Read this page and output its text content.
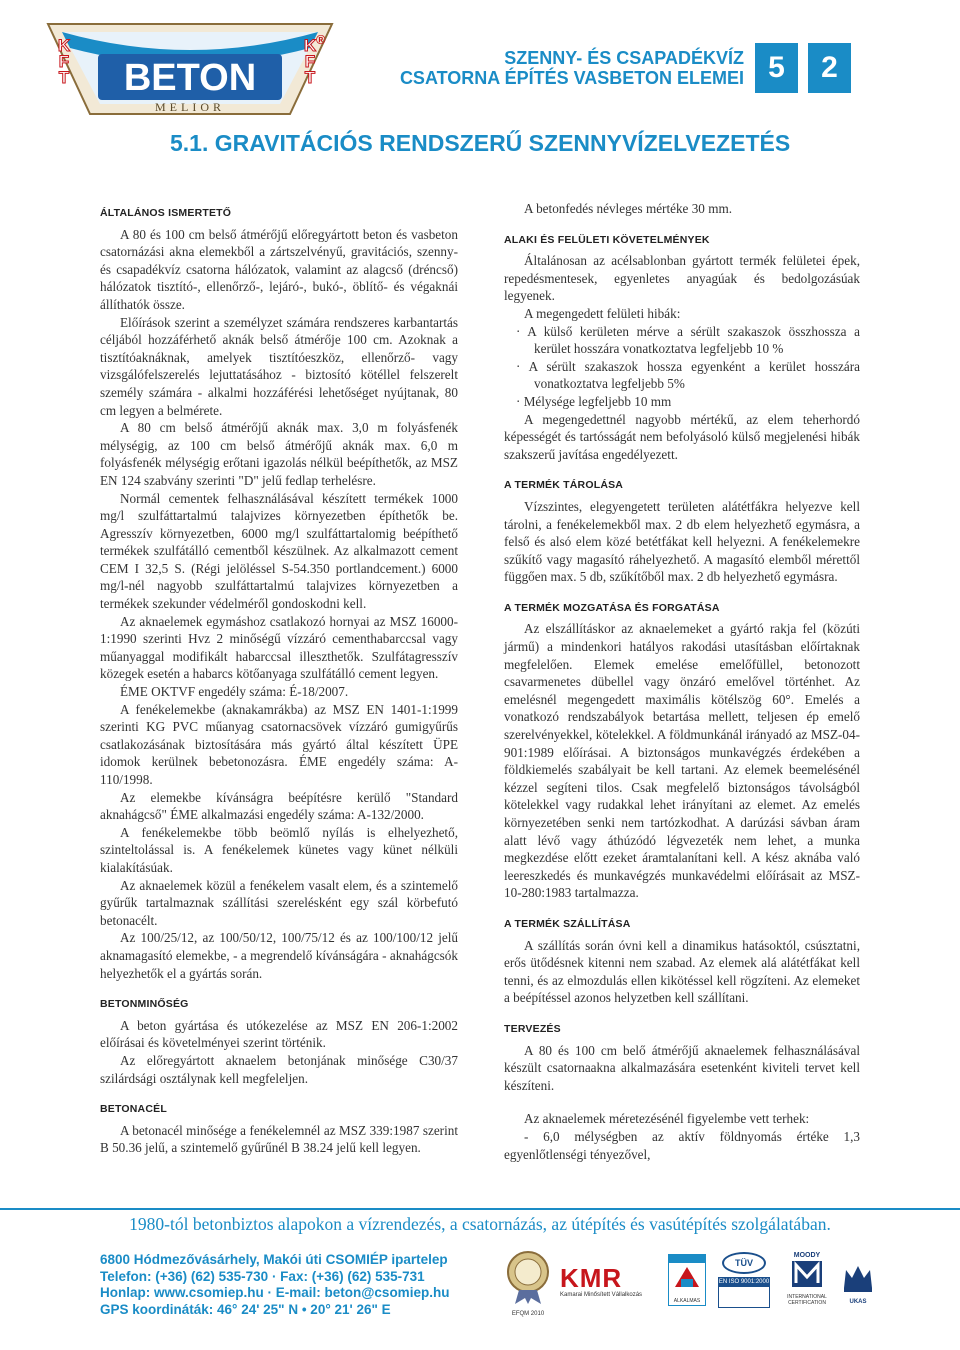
BETON
MELIOR
K
F
T
K
F
T
®
SZENNY- ÉS CSAPADÉKVÍZ
CSATORNA ÉPÍTÉS VASBETON ELEMEI 5	2
5.1. GRAVITÁCIÓS RENDSZERŰ SZENNYVÍZELVEZETÉS
ÁLTALÁNOS ISMERTETŐ

A 80 és 100 cm belső átmérőjű előregyártott beton és vasbeton csatornázási akna elemekből a zártszelvényű, gravitációs, szenny- és csapadékvíz csatorna hálózatok, valamint az alagcső (dréncső) hálózatok tisztító-, ellenőrző-, lejáró-, bukó-, öblítő- és végaknái állíthatók össze.

Előírások szerint a személyzet számára rendszeres karbantartás céljából hozzáférhető aknák belső átmérője 100 cm. Azoknak a tisztítóaknáknak, amelyek tisztítóeszköz, ellenőrző- vagy vizsgálófelszerelés lejuttatásához - biztosító kötéllel felszerelt személy számára - alkalmi hozzáférési lehetőséget nyújtanak, 80 cm legyen a belmérete.

A 80 cm belső átmérőjű aknák max. 3,0 m folyásfenék mélységig, az 100 cm belső átmérőjű aknák max. 6,0 m folyásfenék mélységig erőtani igazolás nélkül beépíthetők, az MSZ EN 124 szabvány szerinti "D" jelű fedlap terhelésre.

Normál cementek felhasználásával készített termékek 1000 mg/l szulfáttartalmú talajvizes környezetben építhetők be. Agresszív környezetben, 6000 mg/l szulfáttartalomig beépíthető termékek szulfátálló cementből készülnek. Az alkalmazott cement CEM I 32,5 S. (Régi jelöléssel S-54.350 portlandcement.) 6000 mg/l-nél nagyobb szulfáttartalmú talajvizes környezetben a termékek szekunder védelméről gondoskodni kell.

Az aknaelemek egymáshoz csatlakozó hornyai az MSZ 16000-1:1990 szerinti Hvz 2 minőségű vízzáró cementhabarccsal vagy műanyaggal modifikált habarccsal illeszthetők. Szulfátagresszív közegek esetén a habarcs kötőanyaga szulfátálló cement legyen.

ÉME OKTVF engedély száma: É-18/2007.

A fenékelemekbe (aknakamrákba) az MSZ EN 1401-1:1999 szerinti KG PVC műanyag csatornacsövek vízzáró gumigyűrűs csatlakozásának biztosítására más gyártó által készített ÜPE idomok kerülnek bebetonozásra. ÉME engedély száma: A-110/1998.

Az elemekbe kívánságra beépítésre kerülő "Standard aknahágcső" ÉME alkalmazási engedély száma: A-132/2000.

A fenékelemekbe több beömlő nyílás is elhelyezhető, szinteltolással is. A fenékelemek künetes vagy künet nélküli kialakításúak.

Az aknaelemek közül a fenékelem vasalt elem, és a szintemelő gyűrűk tartalmaznak szállítási szerelésként egy szál körbefutó betonacélt.

Az 100/25/12, az 100/50/12, 100/75/12 és az 100/100/12 jelű aknamagasító elemekbe, - a megrendelő kívánságára - aknahágcsók helyezhetők el a gyártás során.

BETONMINŐSÉG

A beton gyártása és utókezelése az MSZ EN 206-1:2002 előírásai és követelményei szerint történik.

Az előregyártott aknaelem betonjának minősége C30/37 szilárdsági osztálynak kell megfeleljen.

BETONACÉL

A betonacél minősége a fenékelemnél az MSZ 339:1987 szerint B 50.36 jelű, a szintemelő gyűrűnél B 38.24 jelű kell legyen.

A betonfedés névleges mértéke 30 mm.

ALAKI ÉS FELÜLETI KÖVETELMÉNYEK

Általánosan az acélsablonban gyártott termék felületei épek, repedésmentesek, egyenletes anyagúak és bedolgozásúak legyenek.

A megengedett felületi hibák:

· A külső kerületen mérve a sérült szakaszok összhossza a kerület hosszára vonatkoztatva legfeljebb 10 %
· A sérült szakaszok hossza egyenként a kerület hosszára vonatkoztatva legfeljebb 5%
· Mélysége legfeljebb 10 mm

A megengedettnél nagyobb mértékű, az elem teherhordó képességét és tartósságát nem befolyásoló külső megjelenési hibák szakszerű javítása engedélyezett.

A TERMÉK TÁROLÁSA

Vízszintes, elegyengetett területen alátétfákra helyezve kell tárolni, a fenékelemekből max. 2 db elem helyezhető egymásra, a felső és alsó elem közé betétfákat kell helyezni. A fenékelemekre szűkítő vagy magasító ráhelyezhető. A magasító elemből mérettől függően max. 5 db, szűkítőből max. 2 db helyezhető egymásra.

A TERMÉK MOZGATÁSA ÉS FORGATÁSA

Az elszállításkor az aknaelemeket a gyártó rakja fel (közúti jármű) a mindenkori hatályos rakodási utasításban előírtaknak megfelelően. Elemek emelése emelőfüllel, betonozott csavarmenetes dübellel vagy önzáró emelővel történhet. Az emelésnél megengedett maximális kötélszög 60°. Emelés a vonatkozó rendszabályok betartása mellett, teljesen ép emelő szerelvényekkel, kötelekkel. A földmunkánál irányadó az MSZ-04-901:1989 előírásai. A biztonságos munkavégzés érdekében a földkiemelés szabályait be kell tartani. Az elemek beemelésénél kézzel segíteni tilos. Csak megfelelő biztonságos távolságból kötelekkel vagy rudakkal lehet irányítani az elemet. Az emelés környezetében senki nem tartózkodhat. A darúzási sávban áram alatt lévő vagy áthúzódó légvezeték nem lehet, a munka megkezdése előtt ezeket áramtalanítani kell. A kész aknába való leereszkedés és munkavégzés munkavédelmi előírásait az MSZ-10-280:1983 tartalmazza.

A TERMÉK SZÁLLÍTÁSA

A szállítás során óvni kell a dinamikus hatásoktól, csúsztatni, erős ütődésnek kitenni nem szabad. Az elemek alá alátétfákat kell tenni, és az elmozdulás ellen kikötéssel kell rögzíteni. Az elemeket a beépítéssel azonos helyzetben kell szállítani.

TERVEZÉS

A 80 és 100 cm belő átmérőjű aknaelemek felhasználásával készült csatornaakna alkalmazására esetenként kiviteli tervet kell készíteni.

Az aknaelemek méretezésénél figyelembe vett terhek:

- 6,0 mélységben az aktív földnyomás értéke 1,3 egyenlőtlenségi tényezővel,

1980-tól betonbiztos alapokon a vízrendezés, a csatornázás, az útépítés és vasútépítés szolgálatában.
6800 Hódmezővásárhely, Makói úti CSOMIÉP ipartelep
Telefon: (+36) (62) 535-730 · Fax: (+36) (62) 535-731
Honlap: www.csomiep.hu · E-mail: beton@csomiep.hu
GPS koordináták: 46° 24' 25" N • 20° 21' 26" E	EFQM 2010
KMR
Kamarai Minősített Vállalkozás
ALKALMAS
TÜV
EN ISO 9001:2000
MOODY
INTERNATIONAL CERTIFICATION	UKAS
